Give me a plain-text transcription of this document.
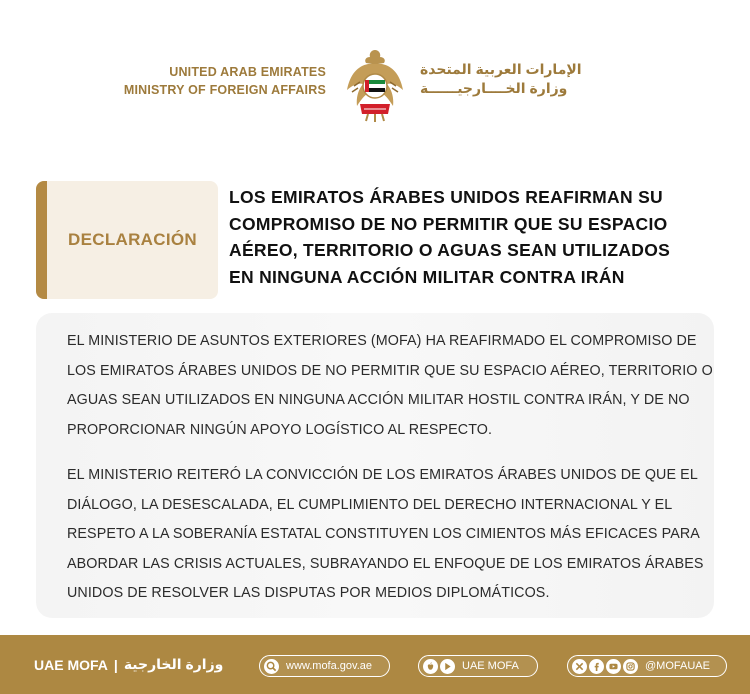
UNITED ARAB EMIRATES
MINISTRY OF FOREIGN AFFAIRS
الإمارات العربية المتحدة
وزارة الخــــارجيــــــة
DECLARACIÓN
LOS EMIRATOS ÁRABES UNIDOS REAFIRMAN SU COMPROMISO DE NO PERMITIR QUE SU ESPACIO AÉREO, TERRITORIO O AGUAS SEAN UTILIZADOS EN NINGUNA ACCIÓN MILITAR CONTRA IRÁN

EL MINISTERIO DE ASUNTOS EXTERIORES (MOFA) HA REAFIRMADO EL COMPROMISO DE LOS EMIRATOS ÁRABES UNIDOS DE NO PERMITIR QUE SU ESPACIO AÉREO, TERRITORIO O AGUAS SEAN UTILIZADOS EN NINGUNA ACCIÓN MILITAR HOSTIL CONTRA IRÁN, Y DE NO PROPORCIONAR NINGÚN APOYO LOGÍSTICO AL RESPECTO.

EL MINISTERIO REITERÓ LA CONVICCIÓN DE LOS EMIRATOS ÁRABES UNIDOS DE QUE EL DIÁLOGO, LA DESESCALADA, EL CUMPLIMIENTO DEL DERECHO INTERNACIONAL Y EL RESPETO A LA SOBERANÍA ESTATAL CONSTITUYEN LOS CIMIENTOS MÁS EFICACES PARA ABORDAR LAS CRISIS ACTUALES, SUBRAYANDO EL ENFOQUE DE LOS EMIRATOS ÁRABES UNIDOS DE RESOLVER LAS DISPUTAS POR MEDIOS DIPLOMÁTICOS.

UAE MOFA | وزارة الخارجية	www.mofa.gov.ae	UAE MOFA	@MOFAUAE
